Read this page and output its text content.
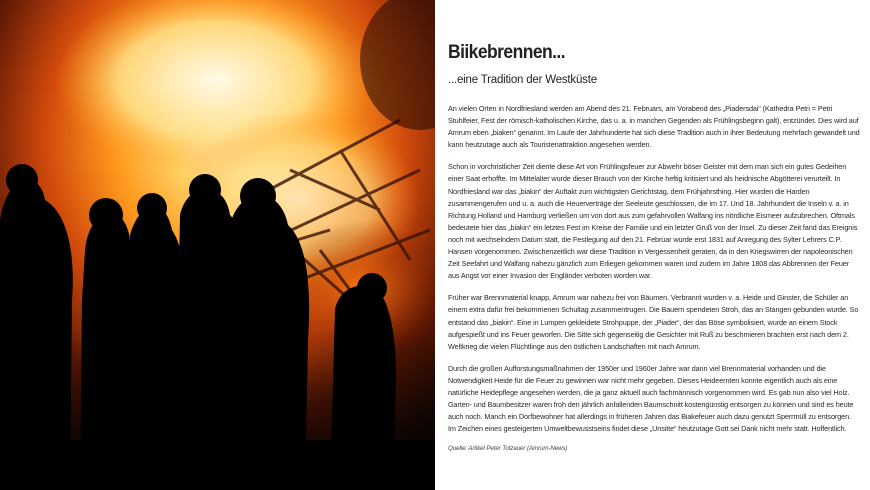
Biikebrennen...

...eine Tradition der Westküste

An vielen Orten in Nordfriesland werden am Abend des 21. Februars, am Vorabend des „Piadersdai“ (Kathedra Petri = Petri Stuhlfeier, Fest der römisch-katholischen Kirche, das u. a. in manchen Gegenden als Frühlingsbeginn galt), entzündet. Dies wird auf Amrum eben „biaken“ genannt. Im Laufe der Jahrhunderte hat sich diese Tradition auch in ihrer Bedeutung mehrfach gewandelt und kann heutzutage auch als Touristenattraktion angesehen werden.

Schon in vorchristlicher Zeit diente diese Art von Frühlingsfeuer zur Abwehr böser Geister mit dem man sich ein gutes Gedeihen einer Saat erhoffte. Im Mittelalter wurde dieser Brauch von der Kirche heftig kritisiert und als heidnische Abgötterei verurteilt. In Nordfriesland war das „biakin“ der Auftakt zum wichtigsten Gerichtstag, dem Frühjahrsthing. Hier wurden die Harden zusammengerufen und u. a. auch die Heuerverträge der Seeleute geschlossen, die im 17. Und 18. Jahrhundert die Inseln v. a. in Richtung Holland und Hamburg verließen um von dort aus zum gefahrvollen Walfang ins nördliche Eismeer aufzubrechen. Oftmals bedeutete hier das „biakin“ ein letztes Fest im Kreise der Familie und ein letzter Gruß von der Insel. Zu dieser Zeit fand das Ereignis noch mit wechselndem Datum statt, die Festlegung auf den 21. Februar wurde erst 1831 auf Anregung des Sylter Lehrers C.P. Hansen vorgenommen. Zwischenzeitlich war diese Tradition in Vergessenheit geraten, da in den Kriegswirren der napoleonischen Zeit Seefahrt und Walfang nahezu gänzlich zum Erliegen gekommen waren und zudem im Jahre 1808 das Abbrennen der Feuer aus Angst vor einer Invasion der Engländer verboten worden war.

Früher war Brennmaterial knapp, Amrum war nahezu frei von Bäumen. Verbrannt wurden v. a. Heide und Ginster, die Schüler an einem extra dafür frei bekommenen Schultag zusammentrugen. Die Bauern spendeten Stroh, das an Stangen gebunden wurde. So entstand das „biakin“. Eine in Lumpen gekleidete Strohpuppe, der „Piader“, der das Böse symbolisiert, wurde an einem Stock aufgespießt und ins Feuer geworfen. Die Sitte sich gegenseitig die Gesichter mit Ruß zu beschmieren brachten erst nach dem 2. Weltkrieg die vielen Flüchtlinge aus den östlichen Landschaften mit nach Amrum.

Durch die großen Aufforstungsmaßnahmen der 1950er und 1960er Jahre war dann viel Brennmaterial vorhanden und die Notwendigkeit Heide für die Feuer zu gewinnen war nicht mehr gegeben. Dieses Heideernten konnte eigentlich auch als eine natürliche Heidepflege angesehen werden, die ja ganz aktuell auch fachmännisch vorgenommen wird. Es gab nun also viel Holz. Garten- und Baumbesitzer waren froh den jährlich anfallenden Baumschnitt kostengünstig entsorgen zu können und sind es heute auch noch. Manch ein Dorfbewohner hat allerdings in früheren Jahren das Biakefeuer auch dazu genutzt Sperrmüll zu entsorgen. Im Zeichen eines gesteigerten Umweltbewusstseins findet diese „Unsitte“ heutzutage Gott sei Dank nicht mehr statt. Hoffentlich.

Quelle: Artikel Peter Totzauer (Amrum-News)
